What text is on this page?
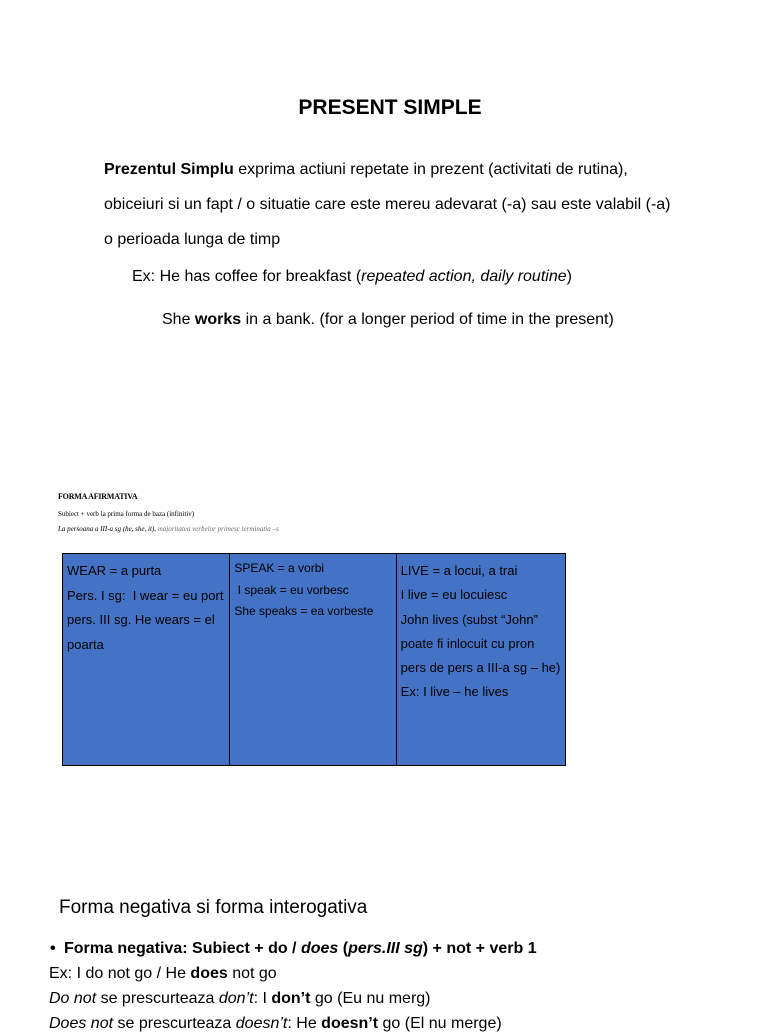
PRESENT SIMPLE
Prezentul Simplu exprima actiuni repetate in prezent (activitati de rutina), obiceiuri si un fapt / o situatie care este mereu adevarat (-a) sau este valabil (-a) o perioada lunga de timp
Ex: He has coffee for breakfast (repeated action, daily routine)
She works in a bank. (for a longer period of time in the present)
FORMA AFIRMATIVA
Subiect + verb la prima forma de baza (infinitiv)
La persoana a III-a sg (he, she, it), majoritatea verbelor primesc terminatia –s
WEAR = a purta
Pers. I sg:  I wear = eu port
pers. III sg. He wears = el poarta
SPEAK = a vorbi
I speak = eu vorbesc
She speaks = ea vorbeste
LIVE = a locui, a trai
I live = eu locuiesc
John lives (subst “John” poate fi inlocuit cu pron pers de pers a III-a sg – he)
Ex: I live – he lives
Forma negativa si forma interogativa
• Forma negativa: Subiect + do / does (pers.III sg) + not + verb 1
Ex: I do not go / He does not go
Do not se prescurteaza don’t: I don’t go (Eu nu merg)
Does not se prescurteaza doesn’t: He doesn’t go (El nu merge)
